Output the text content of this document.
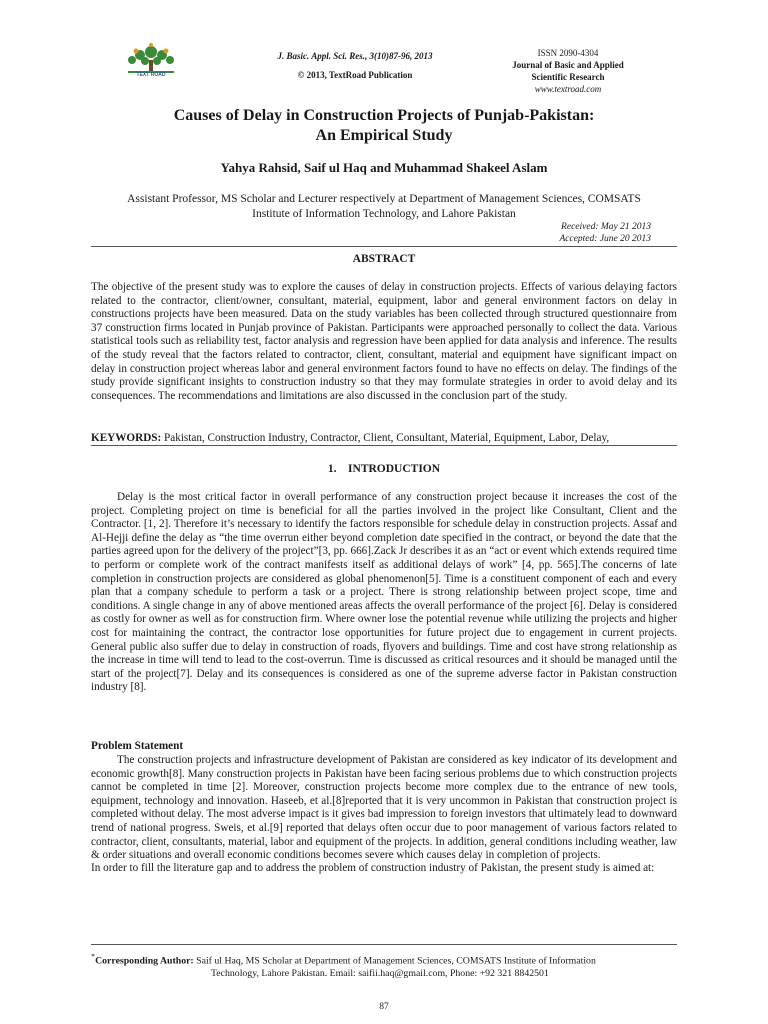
TEXT ROAD
J. Basic. Appl. Sci. Res., 3(10)87-96, 2013
© 2013, TextRoad Publication
ISSN 2090-4304
Journal of Basic and Applied
Scientific Research
www.textroad.com
Causes of Delay in Construction Projects of Punjab-Pakistan:
An Empirical Study
Yahya Rahsid, Saif ul Haq and Muhammad Shakeel Aslam
Assistant Professor, MS Scholar and Lecturer respectively at Department of Management Sciences, COMSATS
Institute of Information Technology, and Lahore Pakistan
Received: May 21 2013
Accepted: June 20 2013
ABSTRACT
The objective of the present study was to explore the causes of delay in construction projects. Effects of various delaying factors related to the contractor, client/owner, consultant, material, equipment, labor and general environment factors on delay in constructions projects have been measured. Data on the study variables has been collected through structured questionnaire from 37 construction firms located in Punjab province of Pakistan. Participants were approached personally to collect the data. Various statistical tools such as reliability test, factor analysis and regression have been applied for data analysis and inference. The results of the study reveal that the factors related to contractor, client, consultant, material and equipment have significant impact on delay in construction project whereas labor and general environment factors found to have no effects on delay. The findings of the study provide significant insights to construction industry so that they may formulate strategies in order to avoid delay and its consequences. The recommendations and limitations are also discussed in the conclusion part of the study.
KEYWORDS: Pakistan, Construction Industry, Contractor, Client, Consultant, Material, Equipment, Labor, Delay,
1.    INTRODUCTION

Delay is the most critical factor in overall performance of any construction project because it increases the cost of the project. Completing project on time is beneficial for all the parties involved in the project like Consultant, Client and the Contractor. [1, 2]. Therefore it’s necessary to identify the factors responsible for schedule delay in construction projects. Assaf and Al-Hejji define the delay as “the time overrun either beyond completion date specified in the contract, or beyond the date that the parties agreed upon for the delivery of the project”[3, pp. 666].Zack Jr describes it as an “act or event which extends required time to perform or complete work of the contract manifests itself as additional delays of work” [4, pp. 565].The concerns of late completion in construction projects are considered as global phenomenon[5]. Time is a constituent component of each and every plan that a company schedule to perform a task or a project. There is strong relationship between project scope, time and conditions. A single change in any of above mentioned areas affects the overall performance of the project [6]. Delay is considered as costly for owner as well as for construction firm. Where owner lose the potential revenue while utilizing the projects and higher cost for maintaining the contract, the contractor lose opportunities for future project due to engagement in current projects. General public also suffer due to delay in construction of roads, flyovers and buildings. Time and cost have strong relationship as the increase in time will tend to lead to the cost-overrun. Time is discussed as critical resources and it should be managed until the start of the project[7]. Delay and its consequences is considered as one of the supreme adverse factor in Pakistan construction industry [8].

Problem Statement

The construction projects and infrastructure development of Pakistan are considered as key indicator of its development and economic growth[8]. Many construction projects in Pakistan have been facing serious problems due to which construction projects cannot be completed in time [2]. Moreover, construction projects become more complex due to the entrance of new tools, equipment, technology and innovation. Haseeb, et al.[8]reported that it is very uncommon in Pakistan that construction project is completed without delay. The most adverse impact is it gives bad impression to foreign investors that ultimately lead to downward trend of national progress. Sweis, et al.[9] reported that delays often occur due to poor management of various factors related to contractor, client, consultants, material, labor and equipment of the projects. In addition, general conditions including weather, law & order situations and overall economic conditions becomes severe which causes delay in completion of projects.

In order to fill the literature gap and to address the problem of construction industry of Pakistan, the present study is aimed at:

*Corresponding Author: Saif ul Haq, MS Scholar at Department of Management Sciences, COMSATS Institute of Information
Technology, Lahore Pakistan. Email: saifii.haq@gmail.com, Phone: +92 321 8842501
87
